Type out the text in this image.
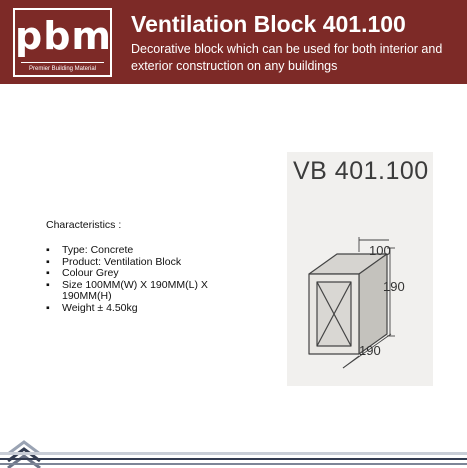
pbm
Premier Building Material
Ventilation Block 401.100
Decorative block which can be used for both interior and exterior construction on any buildings
Characteristics :
▪ Type: Concrete
▪ Product: Ventilation Block
▪ Colour Grey
▪ Size 100MM(W) X 190MM(L) X 190MM(H)
▪ Weight ± 4.50kg
VB 401.100
100
190
190
